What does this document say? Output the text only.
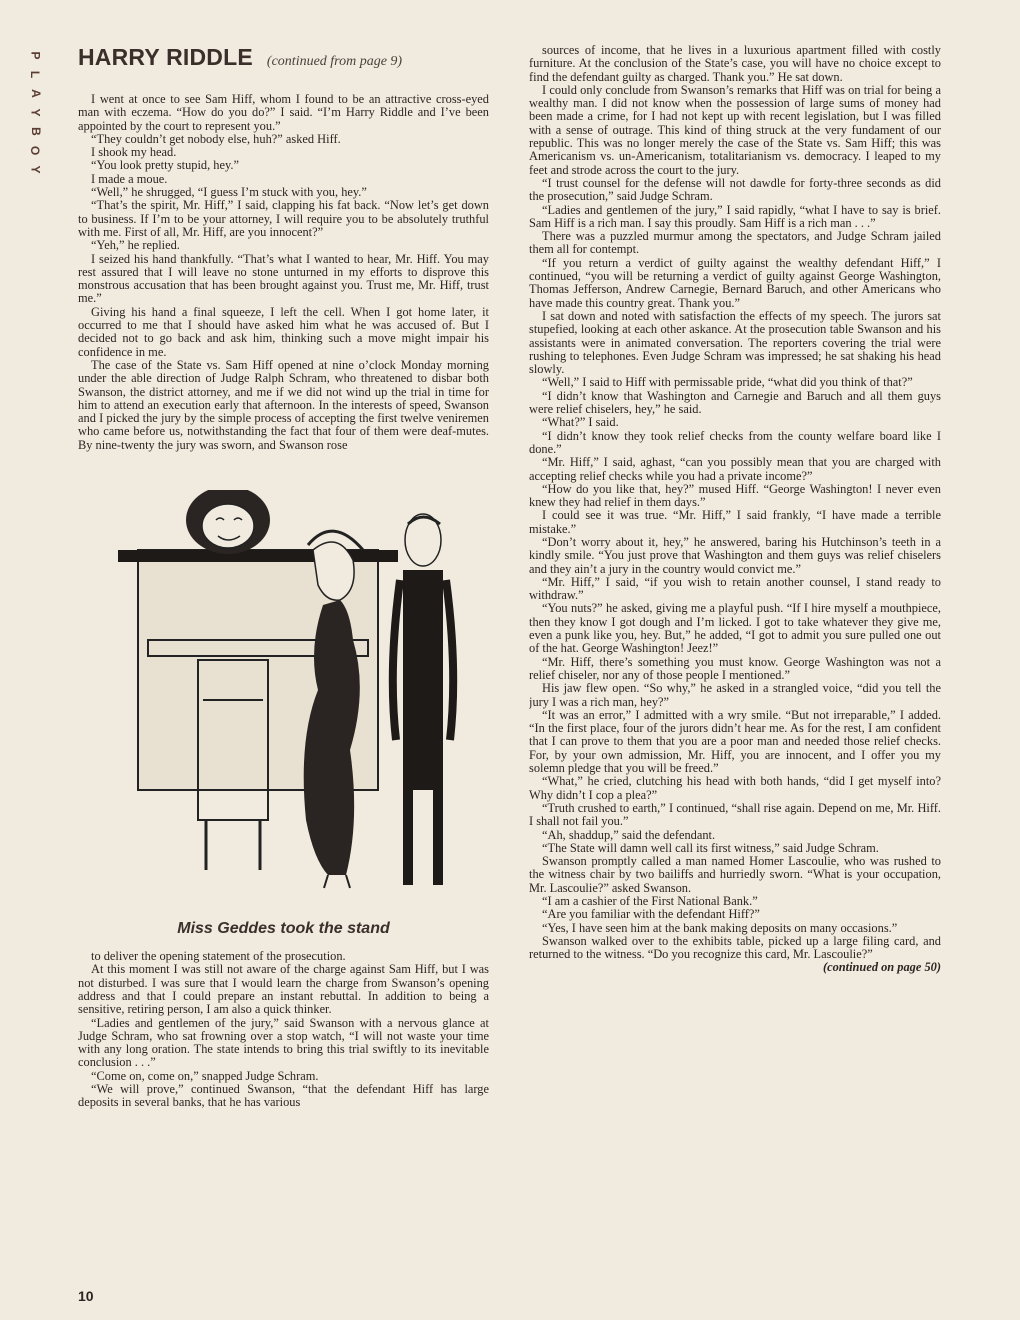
P
L
A
Y
B
O
Y
HARRY RIDDLE (continued from page 9)

I went at once to see Sam Hiff, whom I found to be an attractive cross-eyed man with eczema. “How do you do?” I said. “I’m Harry Riddle and I’ve been appointed by the court to represent you.”

“They couldn’t get nobody else, huh?” asked Hiff.

I shook my head.

“You look pretty stupid, hey.”

I made a moue.

“Well,” he shrugged, “I guess I’m stuck with you, hey.”

“That’s the spirit, Mr. Hiff,” I said, clapping his fat back. “Now let’s get down to business. If I’m to be your attorney, I will require you to be absolutely truthful with me. First of all, Mr. Hiff, are you innocent?”

“Yeh,” he replied.

I seized his hand thankfully. “That’s what I wanted to hear, Mr. Hiff. You may rest assured that I will leave no stone unturned in my efforts to disprove this monstrous accusation that has been brought against you. Trust me, Mr. Hiff, trust me.”

Giving his hand a final squeeze, I left the cell. When I got home later, it occurred to me that I should have asked him what he was accused of. But I decided not to go back and ask him, thinking such a move might impair his confidence in me.

The case of the State vs. Sam Hiff opened at nine o’clock Monday morning under the able direction of Judge Ralph Schram, who threatened to disbar both Swanson, the district attorney, and me if we did not wind up the trial in time for him to attend an execution early that afternoon. In the interests of speed, Swanson and I picked the jury by the simple process of accepting the first twelve veniremen who came before us, notwithstanding the fact that four of them were deaf-mutes. By nine-twenty the jury was sworn, and Swanson rose

Miss Geddes took the stand

to deliver the opening statement of the prosecution.

At this moment I was still not aware of the charge against Sam Hiff, but I was not disturbed. I was sure that I would learn the charge from Swanson’s opening address and that I could prepare an instant rebuttal. In addition to being a sensitive, retiring person, I am also a quick thinker.

“Ladies and gentlemen of the jury,” said Swanson with a nervous glance at Judge Schram, who sat frowning over a stop watch, “I will not waste your time with any long oration. The state intends to bring this trial swiftly to its inevitable conclusion . . .”

“Come on, come on,” snapped Judge Schram.

“We will prove,” continued Swanson, “that the defendant Hiff has large deposits in several banks, that he has various

sources of income, that he lives in a luxurious apartment filled with costly furniture. At the conclusion of the State’s case, you will have no choice except to find the defendant guilty as charged. Thank you.” He sat down.

I could only conclude from Swanson’s remarks that Hiff was on trial for being a wealthy man. I did not know when the possession of large sums of money had been made a crime, for I had not kept up with recent legislation, but I was filled with a sense of outrage. This kind of thing struck at the very fundament of our republic. This was no longer merely the case of the State vs. Sam Hiff; this was Americanism vs. un-Americanism, totalitarianism vs. democracy. I leaped to my feet and strode across the court to the jury.

“I trust counsel for the defense will not dawdle for forty-three seconds as did the prosecution,” said Judge Schram.

“Ladies and gentlemen of the jury,” I said rapidly, “what I have to say is brief. Sam Hiff is a rich man. I say this proudly. Sam Hiff is a rich man . . .”

There was a puzzled murmur among the spectators, and Judge Schram jailed them all for contempt.

“If you return a verdict of guilty against the wealthy defendant Hiff,” I continued, “you will be returning a verdict of guilty against George Washington, Thomas Jefferson, Andrew Carnegie, Bernard Baruch, and other Americans who have made this country great. Thank you.”

I sat down and noted with satisfaction the effects of my speech. The jurors sat stupefied, looking at each other askance. At the prosecution table Swanson and his assistants were in animated conversation. The reporters covering the trial were rushing to telephones. Even Judge Schram was impressed; he sat shaking his head slowly.

“Well,” I said to Hiff with permissable pride, “what did you think of that?”

“I didn’t know that Washington and Carnegie and Baruch and all them guys were relief chiselers, hey,” he said.

“What?” I said.

“I didn’t know they took relief checks from the county welfare board like I done.”

“Mr. Hiff,” I said, aghast, “can you possibly mean that you are charged with accepting relief checks while you had a private income?”

“How do you like that, hey?” mused Hiff. “George Washington! I never even knew they had relief in them days.”

I could see it was true. “Mr. Hiff,” I said frankly, “I have made a terrible mistake.”

“Don’t worry about it, hey,” he answered, baring his Hutchinson’s teeth in a kindly smile. “You just prove that Washington and them guys was relief chiselers and they ain’t a jury in the country would convict me.”

“Mr. Hiff,” I said, “if you wish to retain another counsel, I stand ready to withdraw.”

“You nuts?” he asked, giving me a playful push. “If I hire myself a mouthpiece, then they know I got dough and I’m licked. I got to take whatever they give me, even a punk like you, hey. But,” he added, “I got to admit you sure pulled one out of the hat. George Washington! Jeez!”

“Mr. Hiff, there’s something you must know. George Washington was not a relief chiseler, nor any of those people I mentioned.”

His jaw flew open. “So why,” he asked in a strangled voice, “did you tell the jury I was a rich man, hey?”

“It was an error,” I admitted with a wry smile. “But not irreparable,” I added. “In the first place, four of the jurors didn’t hear me. As for the rest, I am confident that I can prove to them that you are a poor man and needed those relief checks. For, by your own admission, Mr. Hiff, you are innocent, and I offer you my solemn pledge that you will be freed.”

“What,” he cried, clutching his head with both hands, “did I get myself into? Why didn’t I cop a plea?”

“Truth crushed to earth,” I continued, “shall rise again. Depend on me, Mr. Hiff. I shall not fail you.”

“Ah, shaddup,” said the defendant.

“The State will damn well call its first witness,” said Judge Schram.

Swanson promptly called a man named Homer Lascoulie, who was rushed to the witness chair by two bailiffs and hurriedly sworn. “What is your occupation, Mr. Lascoulie?” asked Swanson.

“I am a cashier of the First National Bank.”

“Are you familiar with the defendant Hiff?”

“Yes, I have seen him at the bank making deposits on many occasions.”

Swanson walked over to the exhibits table, picked up a large filing card, and returned to the witness. “Do you recognize this card, Mr. Lascoulie?”

(continued on page 50)

10
